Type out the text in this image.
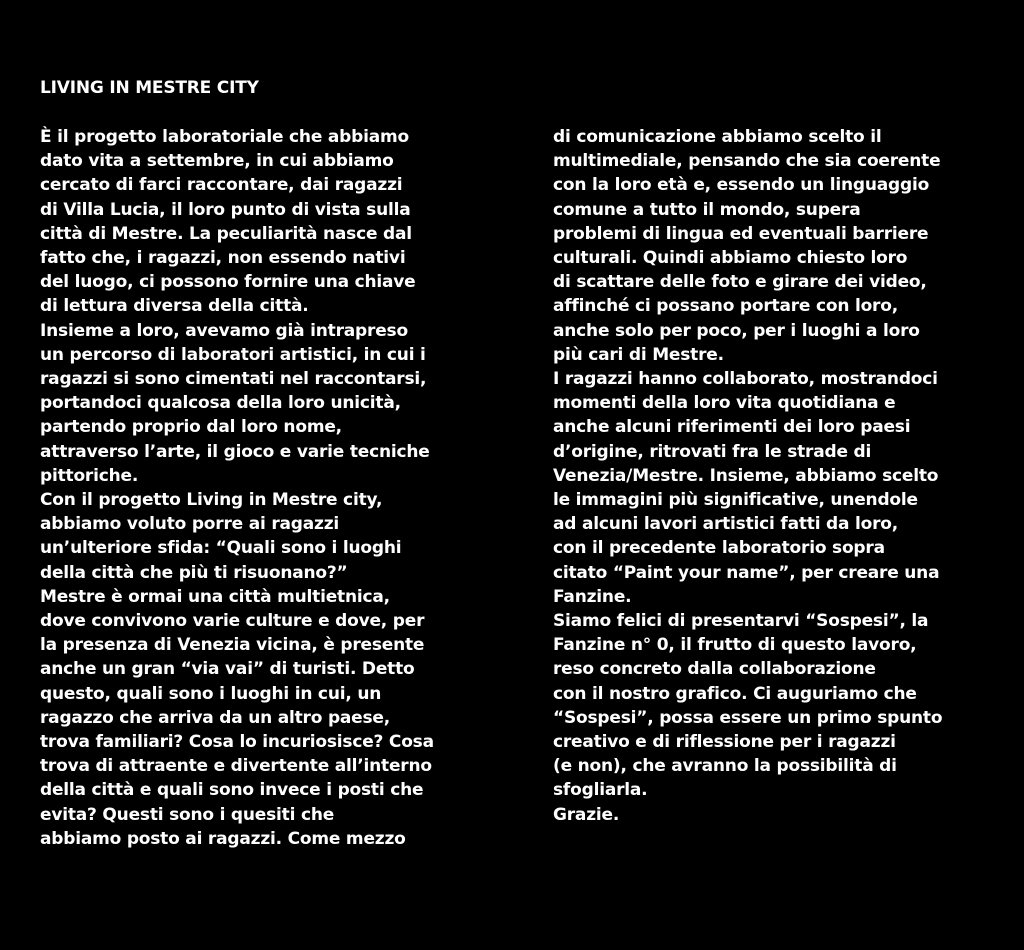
LIVING IN MESTRE CITY
È il progetto laboratoriale che abbiamo
dato vita a settembre, in cui abbiamo
cercato di farci raccontare, dai ragazzi
di Villa Lucia, il loro punto di vista sulla
città di Mestre. La peculiarità nasce dal
fatto che, i ragazzi, non essendo nativi
del luogo, ci possono fornire una chiave
di lettura diversa della città.
Insieme a loro, avevamo già intrapreso
un percorso di laboratori artistici, in cui i
ragazzi si sono cimentati nel raccontarsi,
portandoci qualcosa della loro unicità,
partendo proprio dal loro nome,
attraverso l’arte, il gioco e varie tecniche
pittoriche.
Con il progetto Living in Mestre city,
abbiamo voluto porre ai ragazzi
un’ulteriore sfida: “Quali sono i luoghi
della città che più ti risuonano?”
Mestre è ormai una città multietnica,
dove convivono varie culture e dove, per
la presenza di Venezia vicina, è presente
anche un gran “via vai” di turisti. Detto
questo, quali sono i luoghi in cui, un
ragazzo che arriva da un altro paese,
trova familiari? Cosa lo incuriosisce? Cosa
trova di attraente e divertente all’interno
della città e quali sono invece i posti che
evita? Questi sono i quesiti che
abbiamo posto ai ragazzi. Come mezzo
di comunicazione abbiamo scelto il
multimediale, pensando che sia coerente
con la loro età e, essendo un linguaggio
comune a tutto il mondo, supera
problemi di lingua ed eventuali barriere
culturali. Quindi abbiamo chiesto loro
di scattare delle foto e girare dei video,
affinché ci possano portare con loro,
anche solo per poco, per i luoghi a loro
più cari di Mestre.
I ragazzi hanno collaborato, mostrandoci
momenti della loro vita quotidiana e
anche alcuni riferimenti dei loro paesi
d’origine, ritrovati fra le strade di
Venezia/Mestre. Insieme, abbiamo scelto
le immagini più significative, unendole
ad alcuni lavori artistici fatti da loro,
con il precedente laboratorio sopra
citato “Paint your name”, per creare una
Fanzine.
Siamo felici di presentarvi “Sospesi”, la
Fanzine n° 0, il frutto di questo lavoro,
reso concreto dalla collaborazione
con il nostro grafico. Ci auguriamo che
“Sospesi”, possa essere un primo spunto
creativo e di riflessione per i ragazzi
(e non), che avranno la possibilità di
sfogliarla.
Grazie.
